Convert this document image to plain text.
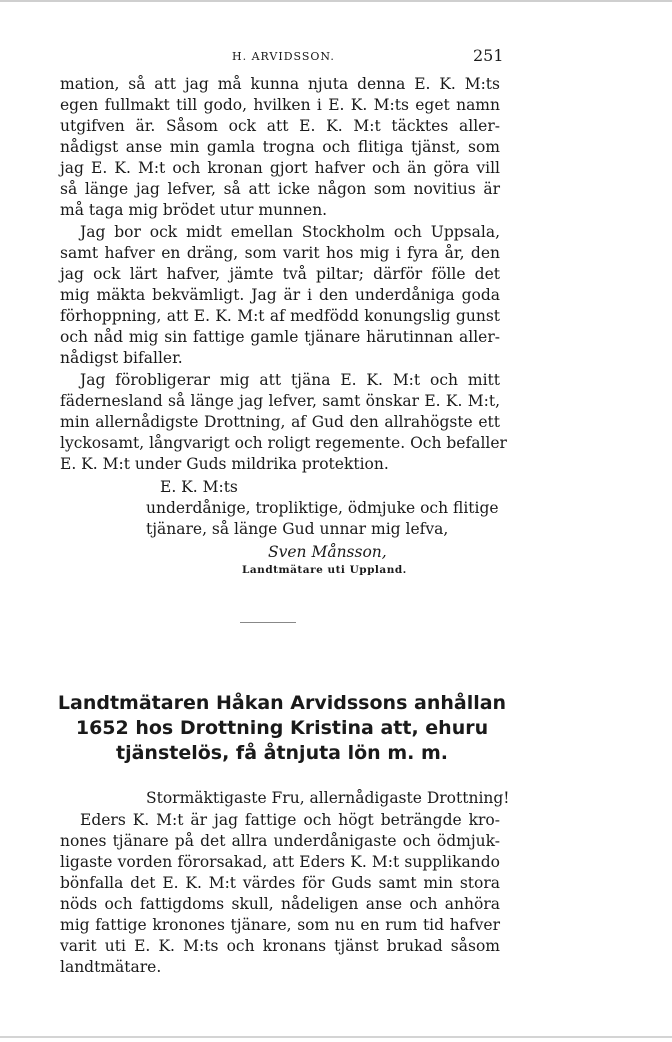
H. ARVIDSSON.	251
mation, så att jag må kunna njuta denna E. K. M:ts
egen fullmakt till godo, hvilken i E. K. M:ts eget namn
utgifven är. Såsom ock att E. K. M:t täcktes aller-
nådigst anse min gamla trogna och flitiga tjänst, som
jag E. K. M:t och kronan gjort hafver och än göra vill
så länge jag lefver, så att icke någon som novitius är
må taga mig brödet utur munnen.
Jag bor ock midt emellan Stockholm och Uppsala,
samt hafver en dräng, som varit hos mig i fyra år, den
jag ock lärt hafver, jämte två piltar; därför fölle det
mig mäkta bekvämligt. Jag är i den underdåniga goda
förhoppning, att E. K. M:t af medfödd konungslig gunst
och nåd mig sin fattige gamle tjänare härutinnan aller-
nådigst bifaller.
Jag förobligerar mig att tjäna E. K. M:t och mitt
fädernesland så länge jag lefver, samt önskar E. K. M:t,
min allernådigste Drottning, af Gud den allrahögste ett
lyckosamt, långvarigt och roligt regemente. Och befaller
E. K. M:t under Guds mildrika protektion.
E. K. M:ts
underdånige, tropliktige, ödmjuke och flitige
tjänare, så länge Gud unnar mig lefva,
Sven Månsson,
Landtmätare uti Uppland.
Landtmätaren Håkan Arvidssons anhållan
1652 hos Drottning Kristina att, ehuru
tjänstelös, få åtnjuta lön m. m.
Stormäktigaste Fru, allernådigaste Drottning!
Eders K. M:t är jag fattige och högt beträngde kro-
nones tjänare på det allra underdånigaste och ödmjuk-
ligaste vorden förorsakad, att Eders K. M:t supplikando
bönfalla det E. K. M:t värdes för Guds samt min stora
nöds och fattigdoms skull, nådeligen anse och anhöra
mig fattige kronones tjänare, som nu en rum tid hafver
varit uti E. K. M:ts och kronans tjänst brukad såsom
landtmätare.
